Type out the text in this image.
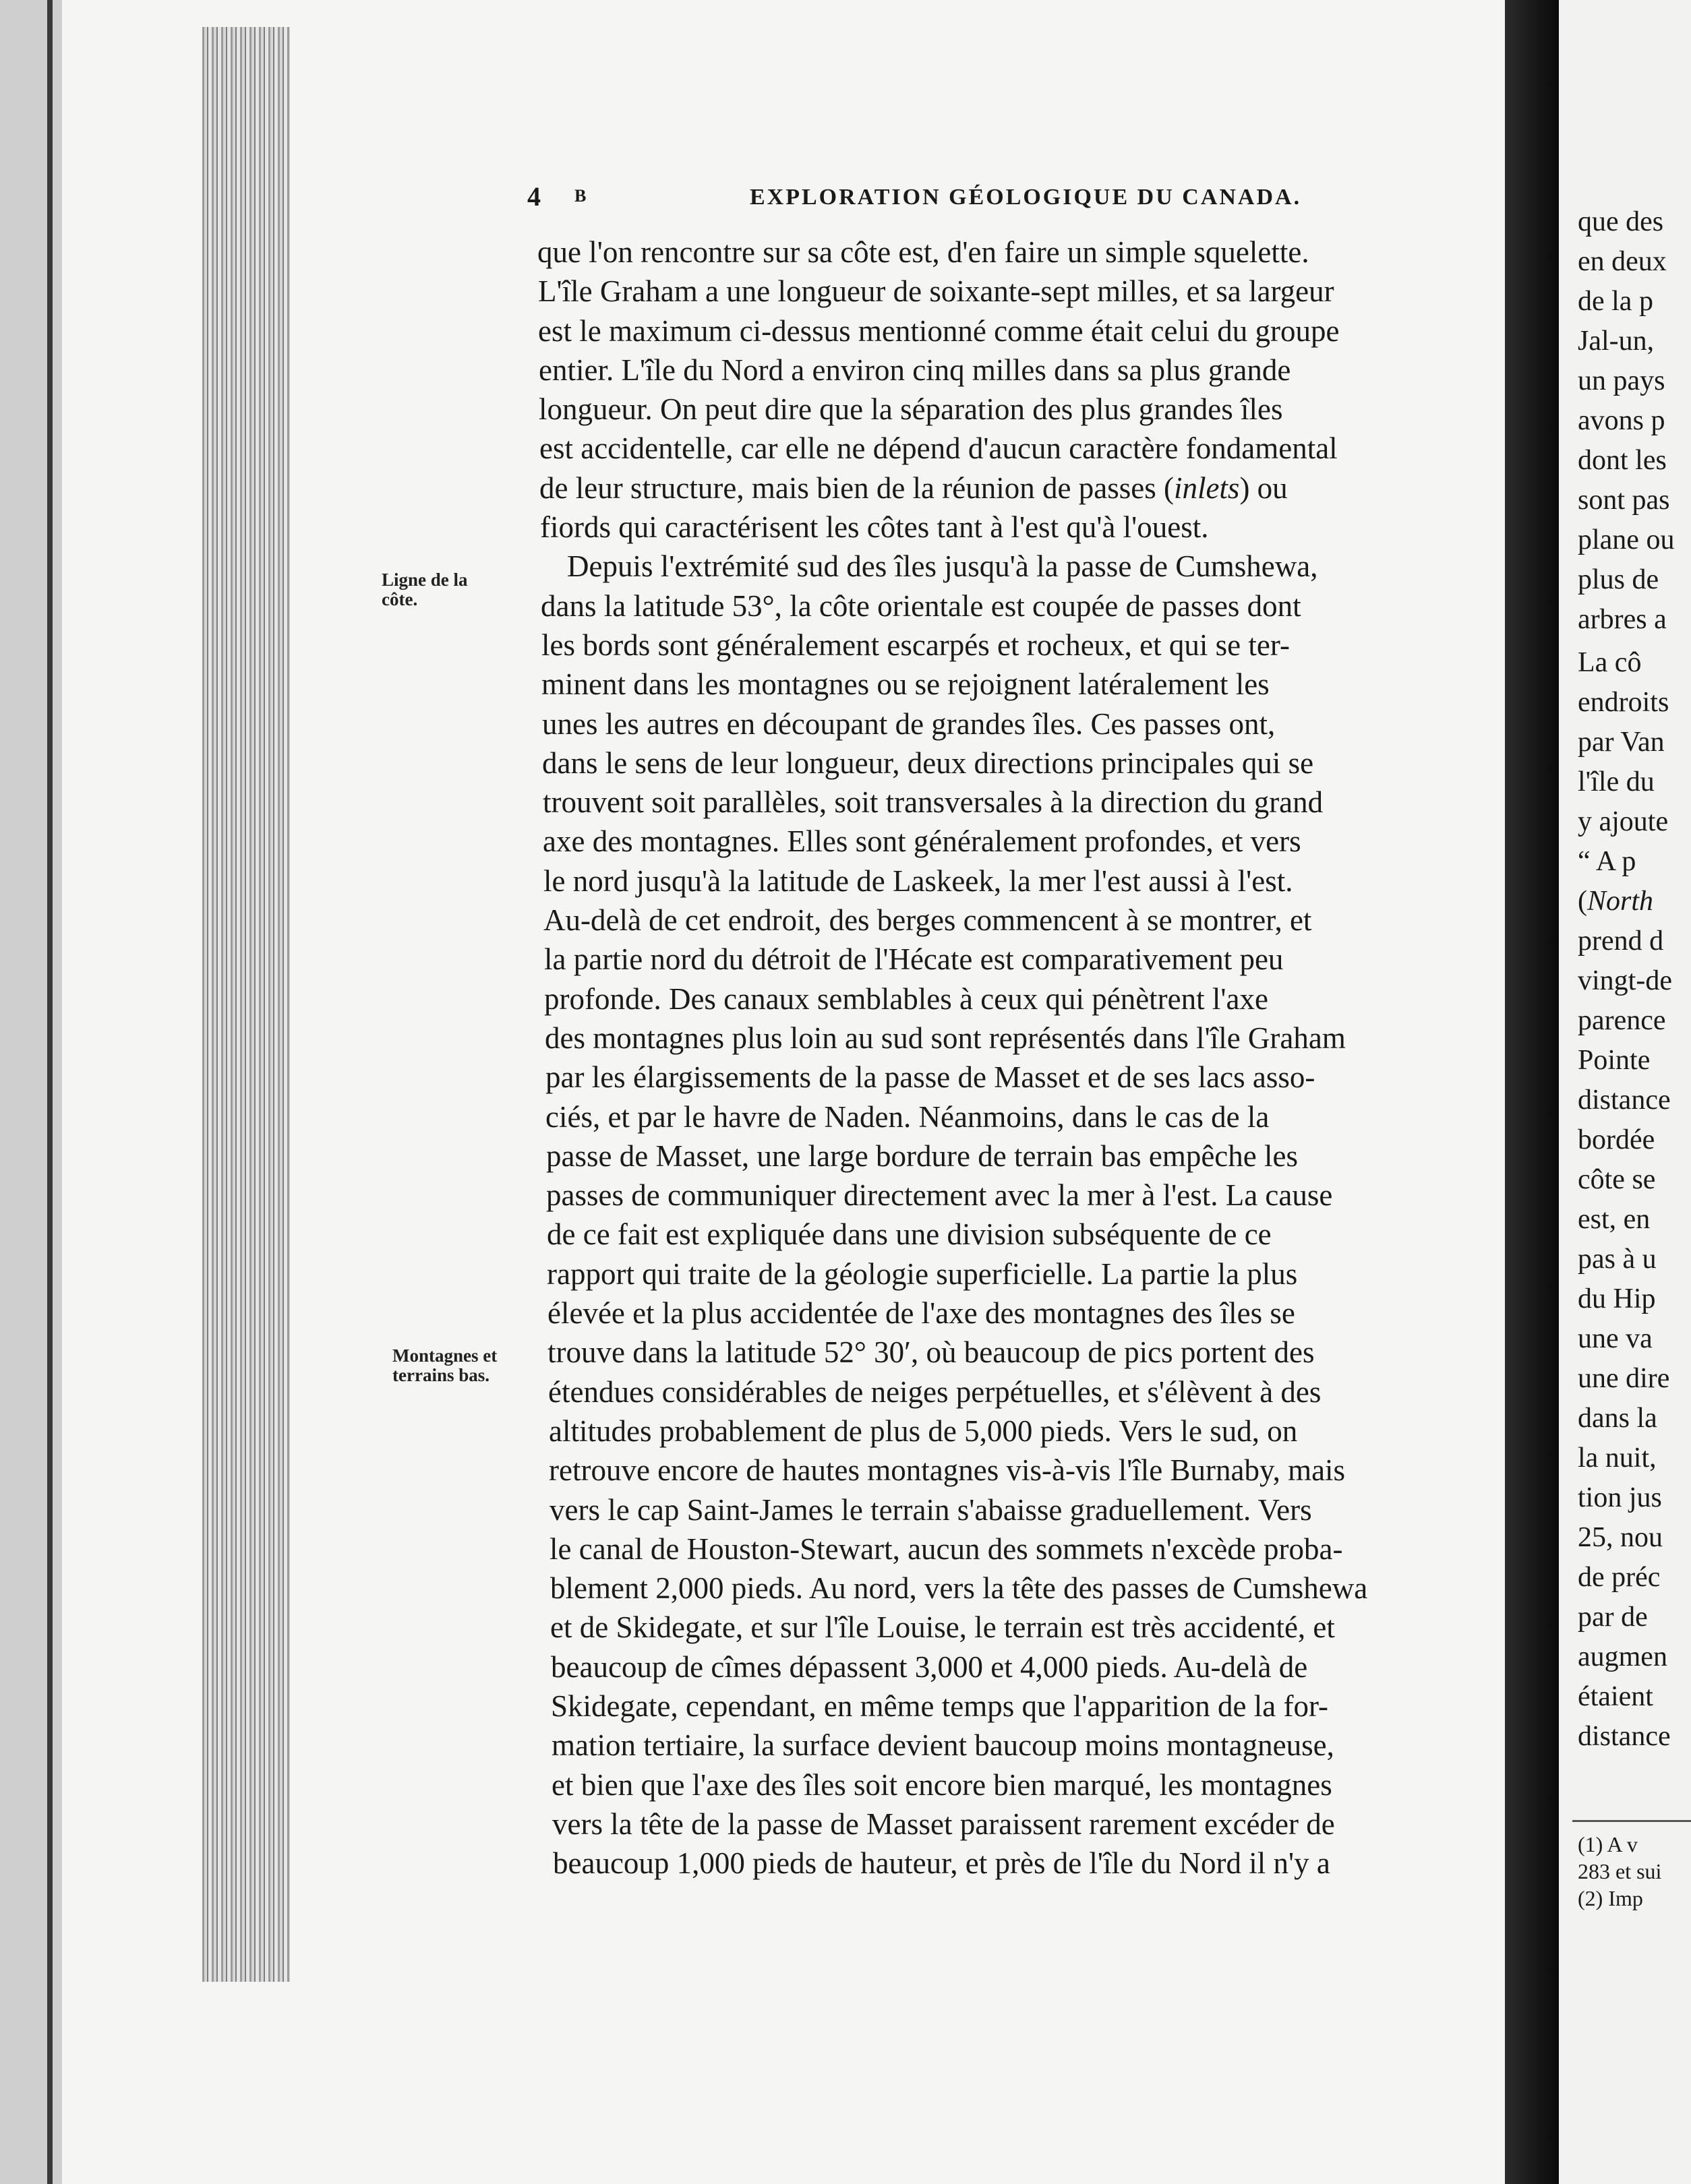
4 B	EXPLORATION GÉOLOGIQUE DU CANADA.
Ligne de la côte.
Montagnes et terrains bas.
que l'on rencontre sur sa côte est, d'en faire un simple squelette.
L'île Graham a une longueur de soixante-sept milles, et sa largeur
est le maximum ci-dessus mentionné comme était celui du groupe
entier. L'île du Nord a environ cinq milles dans sa plus grande
longueur. On peut dire que la séparation des plus grandes îles
est accidentelle, car elle ne dépend d'aucun caractère fondamental
de leur structure, mais bien de la réunion de passes (inlets) ou
fiords qui caractérisent les côtes tant à l'est qu'à l'ouest.
Depuis l'extrémité sud des îles jusqu'à la passe de Cumshewa,
dans la latitude 53°, la côte orientale est coupée de passes dont
les bords sont généralement escarpés et rocheux, et qui se ter-
minent dans les montagnes ou se rejoignent latéralement les
unes les autres en découpant de grandes îles. Ces passes ont,
dans le sens de leur longueur, deux directions principales qui se
trouvent soit parallèles, soit transversales à la direction du grand
axe des montagnes. Elles sont généralement profondes, et vers
le nord jusqu'à la latitude de Laskeek, la mer l'est aussi à l'est.
Au-delà de cet endroit, des berges commencent à se montrer, et
la partie nord du détroit de l'Hécate est comparativement peu
profonde. Des canaux semblables à ceux qui pénètrent l'axe
des montagnes plus loin au sud sont représentés dans l'île Graham
par les élargissements de la passe de Masset et de ses lacs asso-
ciés, et par le havre de Naden. Néanmoins, dans le cas de la
passe de Masset, une large bordure de terrain bas empêche les
passes de communiquer directement avec la mer à l'est. La cause
de ce fait est expliquée dans une division subséquente de ce
rapport qui traite de la géologie superficielle. La partie la plus
élevée et la plus accidentée de l'axe des montagnes des îles se
trouve dans la latitude 52° 30′, où beaucoup de pics portent des
étendues considérables de neiges perpétuelles, et s'élèvent à des
altitudes probablement de plus de 5,000 pieds. Vers le sud, on
retrouve encore de hautes montagnes vis-à-vis l'île Burnaby, mais
vers le cap Saint-James le terrain s'abaisse graduellement. Vers
le canal de Houston-Stewart, aucun des sommets n'excède proba-
blement 2,000 pieds. Au nord, vers la tête des passes de Cumshewa
et de Skidegate, et sur l'île Louise, le terrain est très accidenté, et
beaucoup de cîmes dépassent 3,000 et 4,000 pieds. Au-delà de
Skidegate, cependant, en même temps que l'apparition de la for-
mation tertiaire, la surface devient baucoup moins montagneuse,
et bien que l'axe des îles soit encore bien marqué, les montagnes
vers la tête de la passe de Masset paraissent rarement excéder de
beaucoup 1,000 pieds de hauteur, et près de l'île du Nord il n'y a
que des
en deux
de la p
Jal-un,
un pays
avons p
dont les
sont pas
plane ou
plus de
arbres a
La cô
endroits
par Van
l'île du
y ajoute
“ A p
(North
prend d
vingt-de
parence
Pointe
distance
bordée
côte se
est, en
pas à u
du Hip
une va
une dire
dans la
la nuit,
tion jus
25, nou
de préc
par de
augmen
étaient
distance
(1) A v
283 et sui
(2) Imp
